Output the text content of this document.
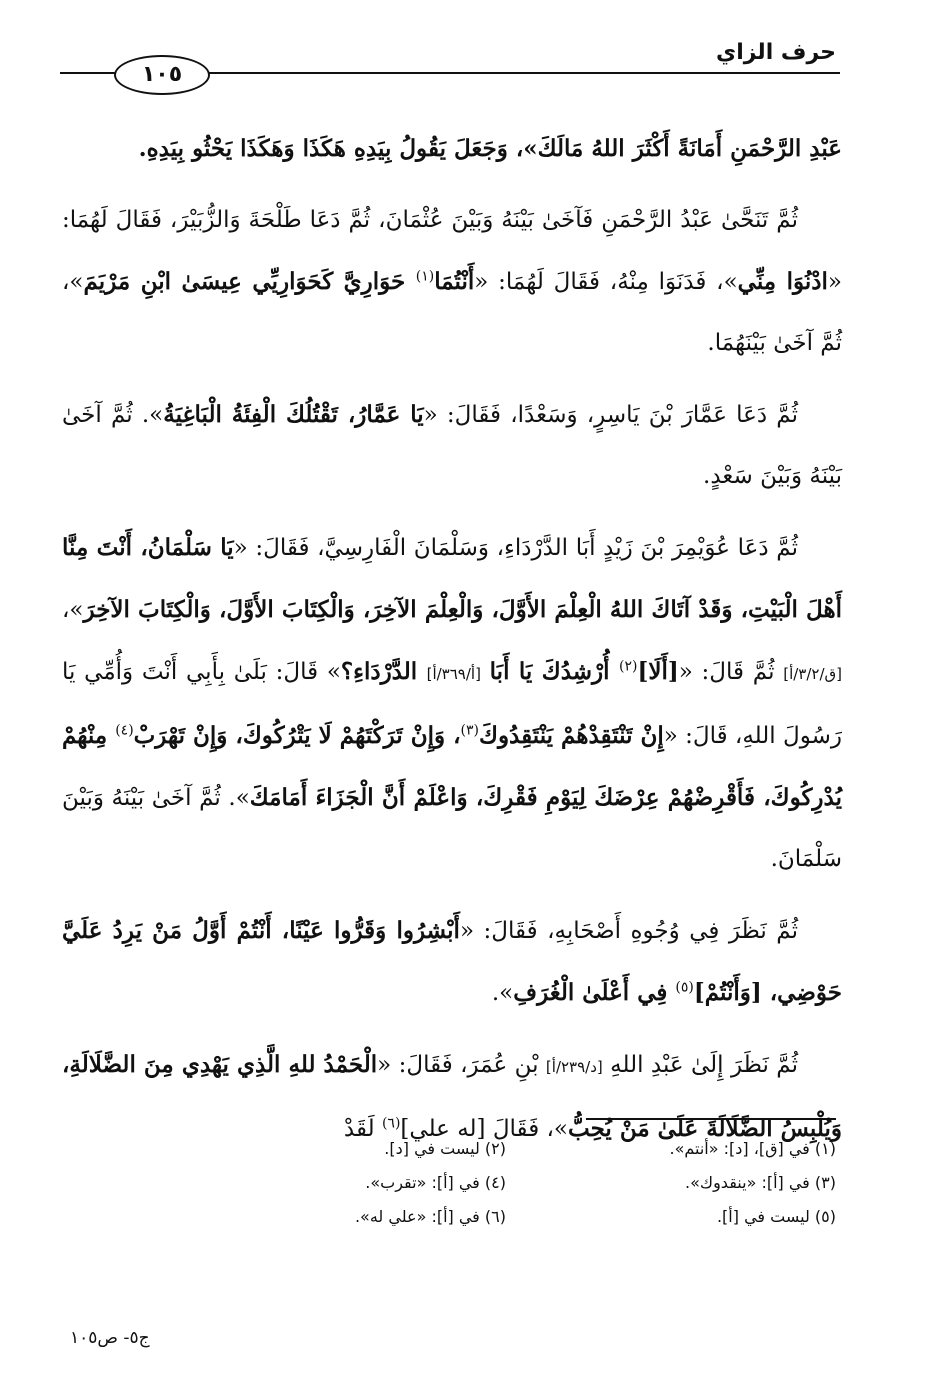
حرف الزاي
١٠٥

عَبْدِ الرَّحْمَنِ أَمَانَةً أَكْثَرَ اللهُ مَالَكَ»، وَجَعَلَ يَقُولُ بِيَدِهِ هَكَذَا وَهَكَذَا يَحْثُو بِيَدِهِ.

ثُمَّ تَنَحَّىٰ عَبْدُ الرَّحْمَنِ فَآخَىٰ بَيْنَهُ وَبَيْنَ عُثْمَانَ، ثُمَّ دَعَا طَلْحَةَ وَالزُّبَيْرَ، فَقَالَ لَهُمَا: «ادْنُوَا مِنِّي»، فَدَنَوَا مِنْهُ، فَقَالَ لَهُمَا: «أَنْتُمَا$^{(١)}$ حَوَارِيَّ كَحَوَارِيِّي عِيسَىٰ ابْنِ مَرْيَمَ»، ثُمَّ آخَىٰ بَيْنَهُمَا.

ثُمَّ دَعَا عَمَّارَ بْنَ يَاسِرٍ، وَسَعْدًا، فَقَالَ: «يَا عَمَّارُ، تَقْتُلُكَ الْفِئَةُ الْبَاغِيَةُ». ثُمَّ آخَىٰ بَيْنَهُ وَبَيْنَ سَعْدٍ.

ثُمَّ دَعَا عُوَيْمِرَ بْنَ زَيْدٍ أَبَا الدَّرْدَاءِ، وَسَلْمَانَ الْفَارِسِيَّ، فَقَالَ: «يَا سَلْمَانُ، أَنْتَ مِنَّا أَهْلَ الْبَيْتِ، وَقَدْ آتَاكَ اللهُ الْعِلْمَ الأَوَّلَ، وَالْعِلْمَ الآخِرَ، وَالْكِتَابَ الأَوَّلَ، وَالْكِتَابَ الآخِرَ»، [ق/٣/٢/أ] ثُمَّ قَالَ: «[أَلَا]$^{(٢)}$ أُرْشِدُكَ يَا أَبَا [أ/٣٦٩/أ] الدَّرْدَاءِ؟» قَالَ: بَلَىٰ بِأَبِي أَنْتَ وَأُمِّي يَا رَسُولَ اللهِ، قَالَ: «إِنْ تَنْتَقِدْهُمْ يَنْتَقِدُوكَ$^{(٣)}$، وَإِنْ تَرَكْتَهُمْ لَا يَتْرُكُوكَ، وَإِنْ تَهْرَبْ$^{(٤)}$ مِنْهُمْ يُدْرِكُوكَ، فَأَقْرِضْهُمْ عِرْضَكَ لِيَوْمِ فَقْرِكَ، وَاعْلَمْ أَنَّ الْجَزَاءَ أَمَامَكَ». ثُمَّ آخَىٰ بَيْنَهُ وَبَيْنَ سَلْمَانَ.

ثُمَّ نَظَرَ فِي وُجُوهِ أَصْحَابِهِ، فَقَالَ: «أَبْشِرُوا وَقَرُّوا عَيْنًا، أَنْتُمْ أَوَّلُ مَنْ يَرِدُ عَلَيَّ حَوْضِي، [وَأَنْتُمْ]$^{(٥)}$ فِي أَعْلَىٰ الْغُرَفِ».

ثُمَّ نَظَرَ إِلَىٰ عَبْدِ اللهِ [د/٢٣٩/أ] بْنِ عُمَرَ، فَقَالَ: «الْحَمْدُ للهِ الَّذِي يَهْدِي مِنَ الضَّلَالَةِ، وَيُلْبِسُ الضَّلَالَةَ عَلَىٰ مَنْ يُحِبُّ»، فَقَالَ [له علي]$^{(٦)}$ لَقَدْ

(١) في [ق]، [د]: «أنتم».
(٢) ليست في [د].
(٣) في [أ]: «ينقدوك».
(٤) في [أ]: «تقرب».
(٥) ليست في [أ].
(٦) في [أ]: «علي له».
ج٥- ص١٠٥
